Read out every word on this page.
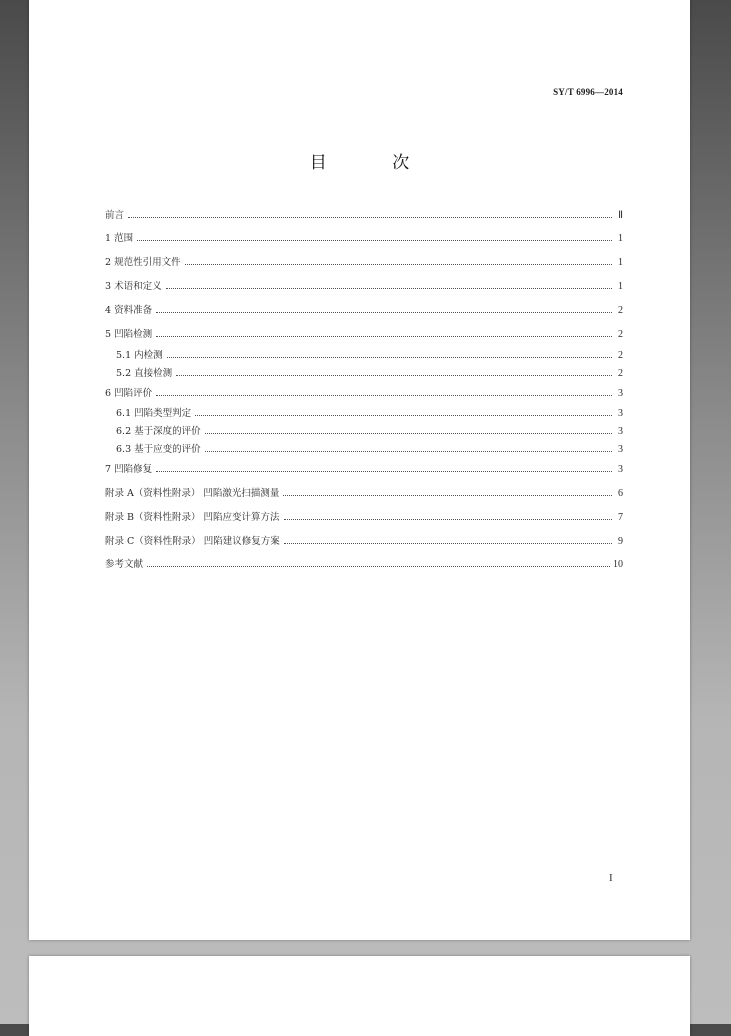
SY/T 6996—2014
目 次
前言	Ⅱ
1 范围	1
2 规范性引用文件	1
3 术语和定义	1
4 资料准备	2
5 凹陷检测	2
5.1 内检测	2
5.2 直接检测	2
6 凹陷评价	3
6.1 凹陷类型判定	3
6.2 基于深度的评价	3
6.3 基于应变的评价	3
7 凹陷修复	3
附录 A（资料性附录） 凹陷激光扫描测量	6
附录 B（资料性附录） 凹陷应变计算方法	7
附录 C（资料性附录） 凹陷建议修复方案	9
参考文献	10
I
